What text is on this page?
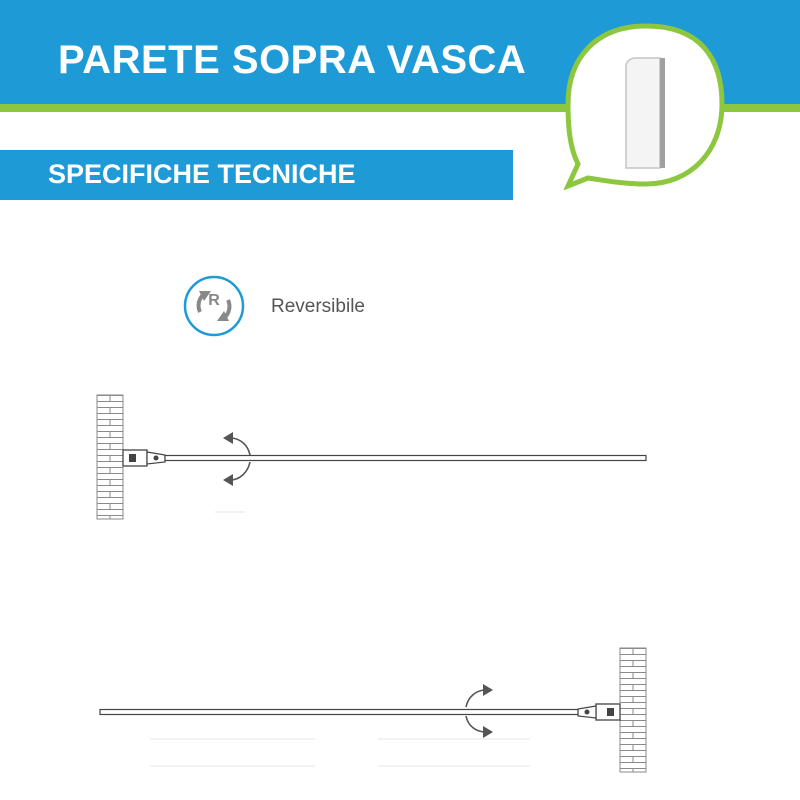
PARETE SOPRA VASCA
SPECIFICHE TECNICHE
R	Reversibile
